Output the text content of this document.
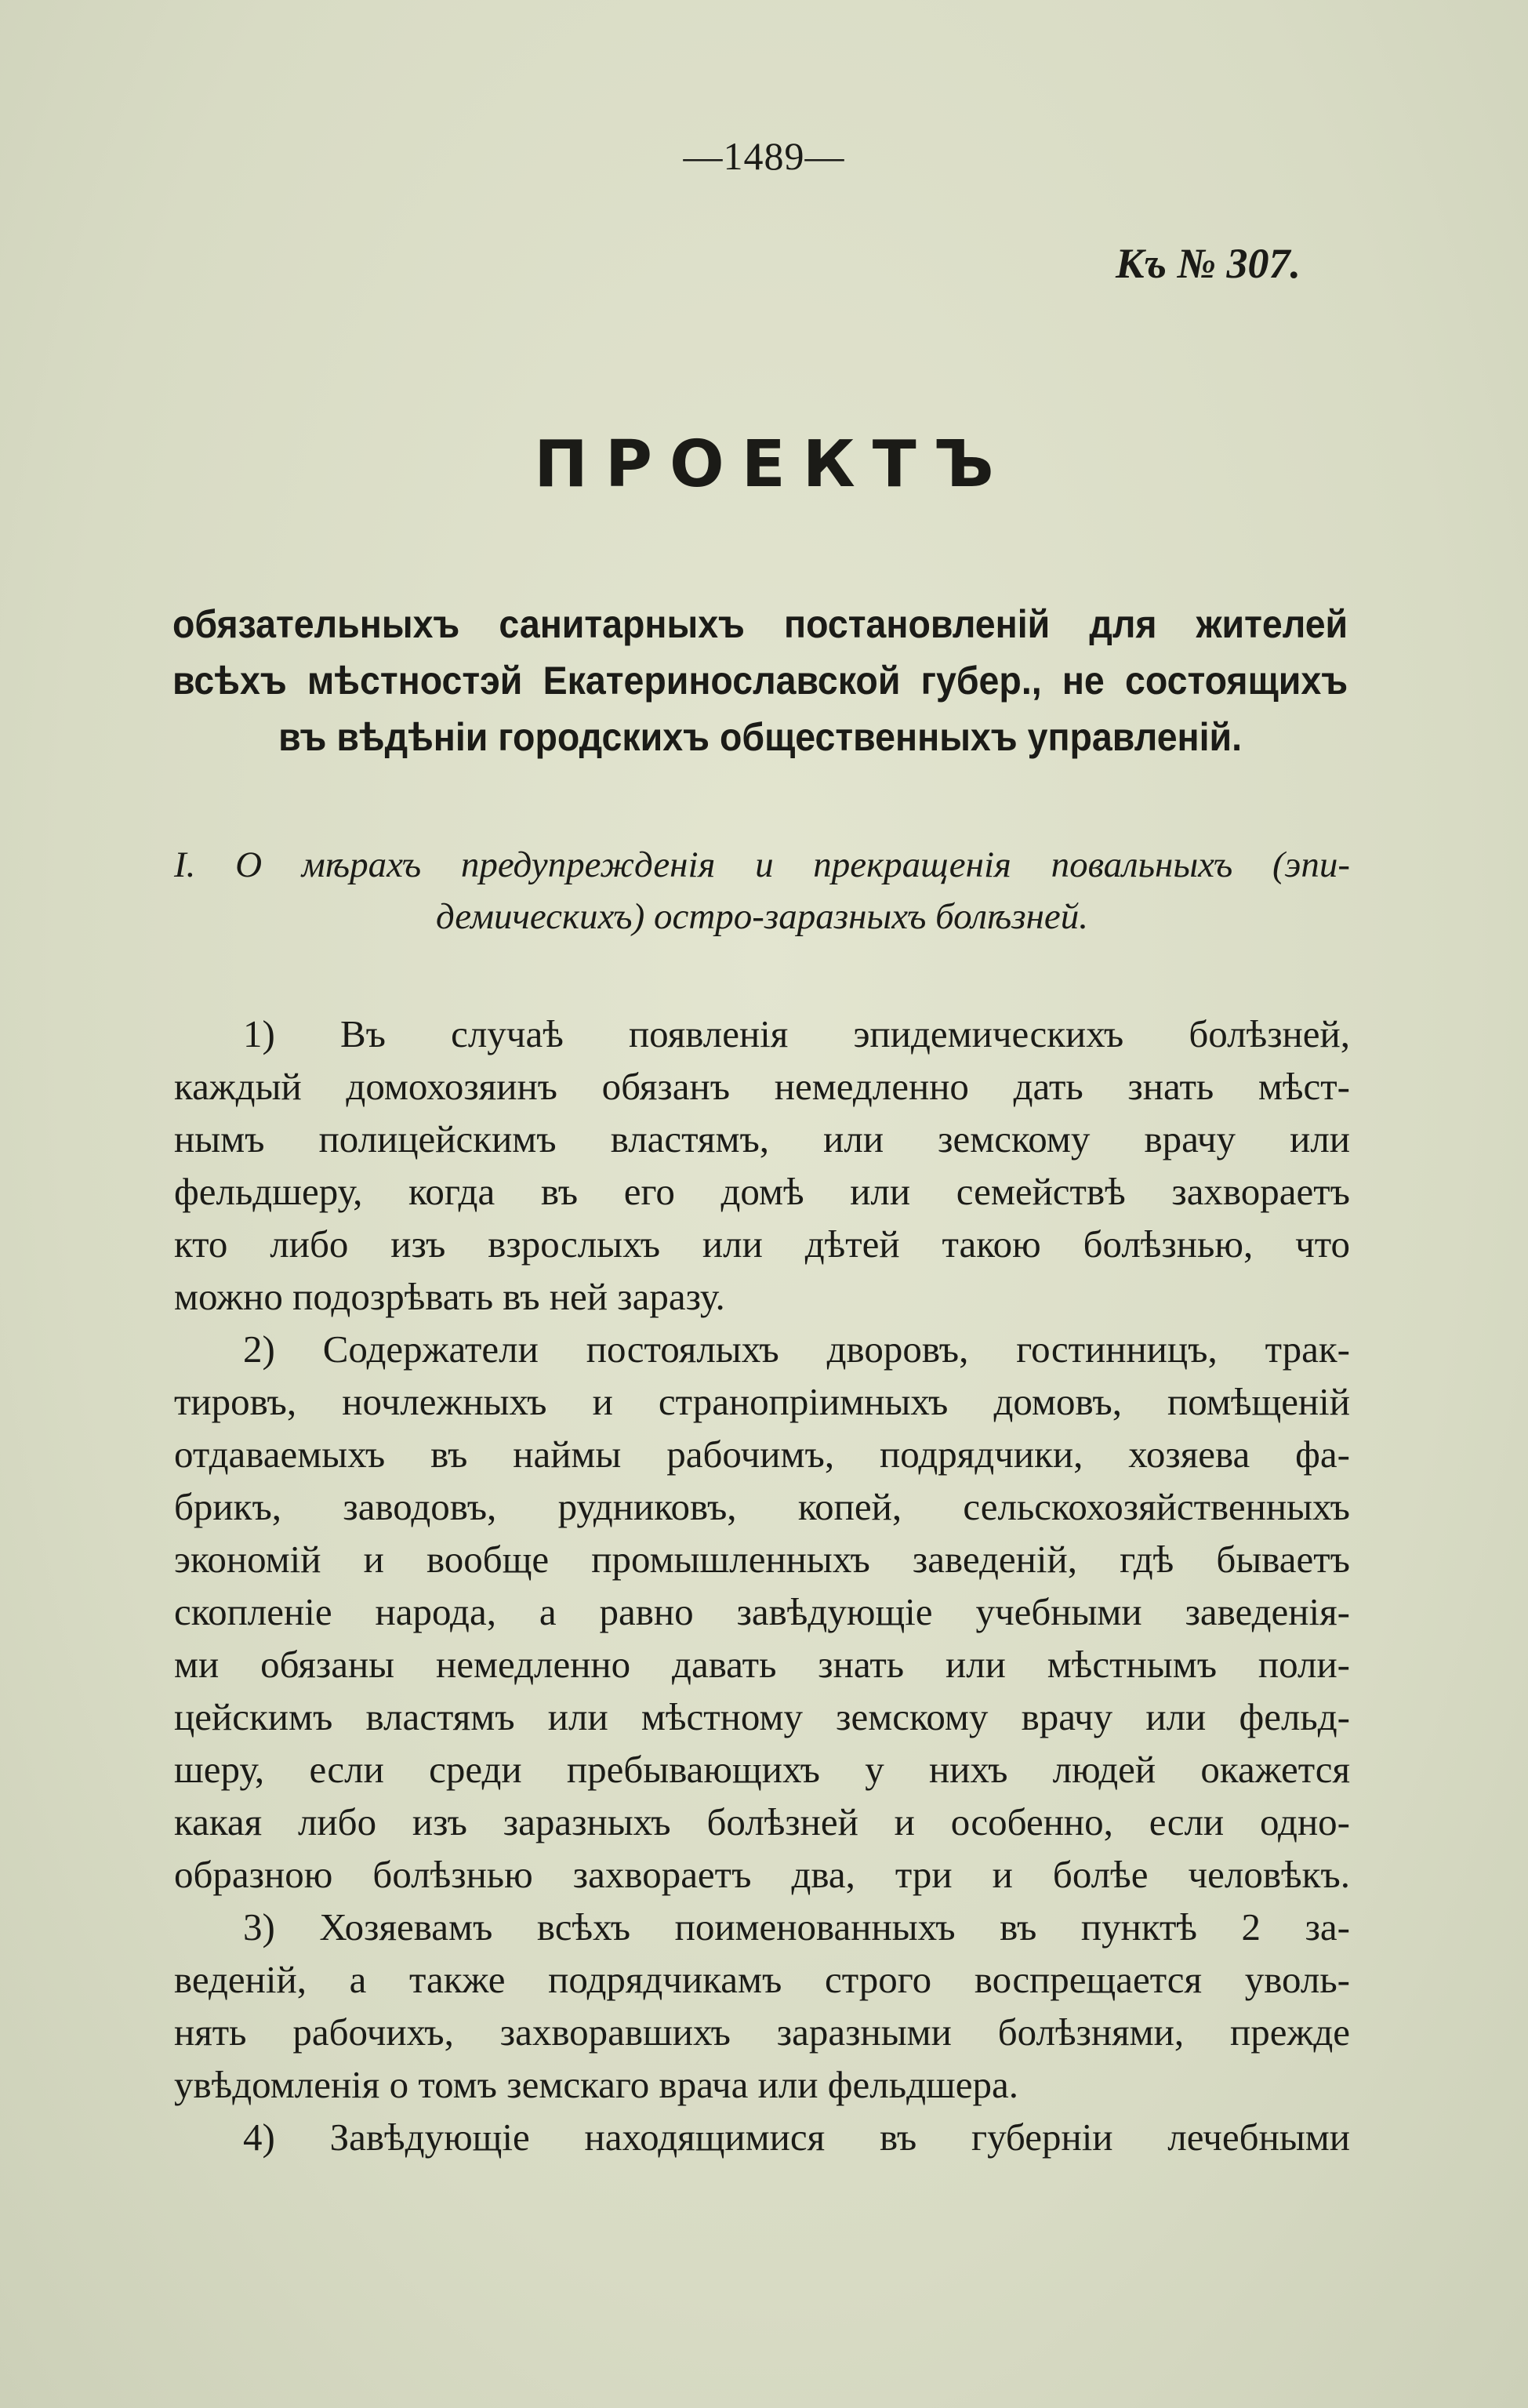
—1489—
Къ № 307.
ПРОЕКТЪ
обязательныхъ санитарныхъ постановленій для жителей
всѣхъ мѣстностэй Екатеринославской губер., не состоящихъ
въ вѣдѣніи городскихъ общественныхъ управленій.
I. О мѣрахъ предупрежденія и прекращенія повальныхъ (эпи-
демическихъ) остро-заразныхъ болѣзней.
1) Въ случаѣ появленія эпидемическихъ болѣзней,
каждый домохозяинъ обязанъ немедленно дать знать мѣст-
нымъ полицейскимъ властямъ, или земскому врачу или
фельдшеру, когда въ его домѣ или семействѣ захвораетъ
кто либо изъ взрослыхъ или дѣтей такою болѣзнью, что
можно подозрѣвать въ ней заразу.
2) Содержатели постоялыхъ дворовъ, гостинницъ, трак-
тировъ, ночлежныхъ и странопріимныхъ домовъ, помѣщеній
отдаваемыхъ въ наймы рабочимъ, подрядчики, хозяева фа-
брикъ, заводовъ, рудниковъ, копей, сельскохозяйственныхъ
экономій и вообще промышленныхъ заведеній, гдѣ бываетъ
скопленіе народа, а равно завѣдующіе учебными заведенія-
ми обязаны немедленно давать знать или мѣстнымъ поли-
цейскимъ властямъ или мѣстному земскому врачу или фельд-
шеру, если среди пребывающихъ у нихъ людей окажется
какая либо изъ заразныхъ болѣзней и особенно, если одно-
образною болѣзнью захвораетъ два, три и болѣе человѣкъ.
3) Хозяевамъ всѣхъ поименованныхъ въ пунктѣ 2 за-
веденій, а также подрядчикамъ строго воспрещается уволь-
нять рабочихъ, захворавшихъ заразными болѣзнями, прежде
увѣдомленія о томъ земскаго врача или фельдшера.
4) Завѣдующіе находящимися въ губерніи лечебными
